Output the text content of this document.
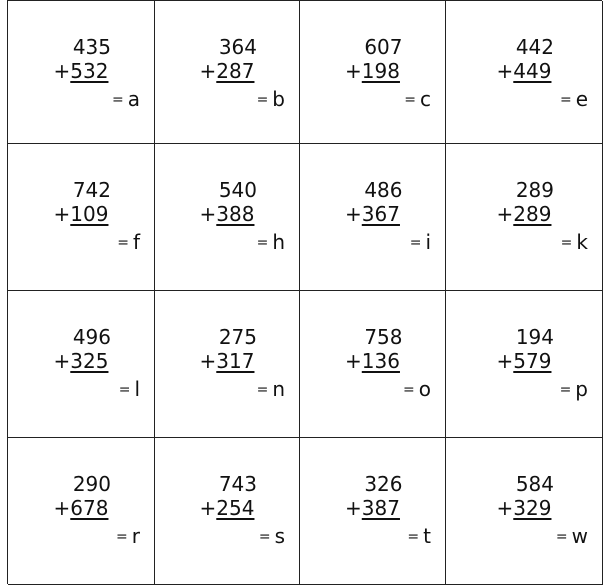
435
+532
= a
364
+287
= b
607
+198
= c
442
+449
= e
742
+109
= f
540
+388
= h
486
+367
= i
289
+289
= k
496
+325
= l
275
+317
= n
758
+136
= o
194
+579
= p
290
+678
= r
743
+254
= s
326
+387
= t
584
+329
= w
